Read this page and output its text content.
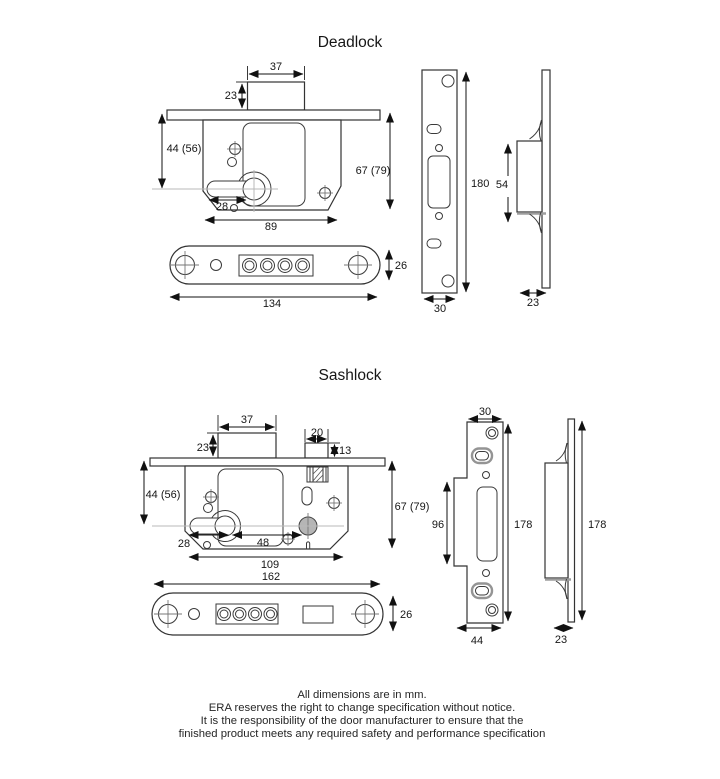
Deadlock
37
23
44 (56)
28
89
67 (79)
26
134
180
30
54
23
Sashlock
37
23
20
13
44 (56)
28	48
67 (79)
109
162
26
30
96	178
44
178
23
All dimensions are in mm.
ERA reserves the right to change specification without notice.
It is the responsibility of the door manufacturer to ensure that the
finished product meets any required safety and performance specification
